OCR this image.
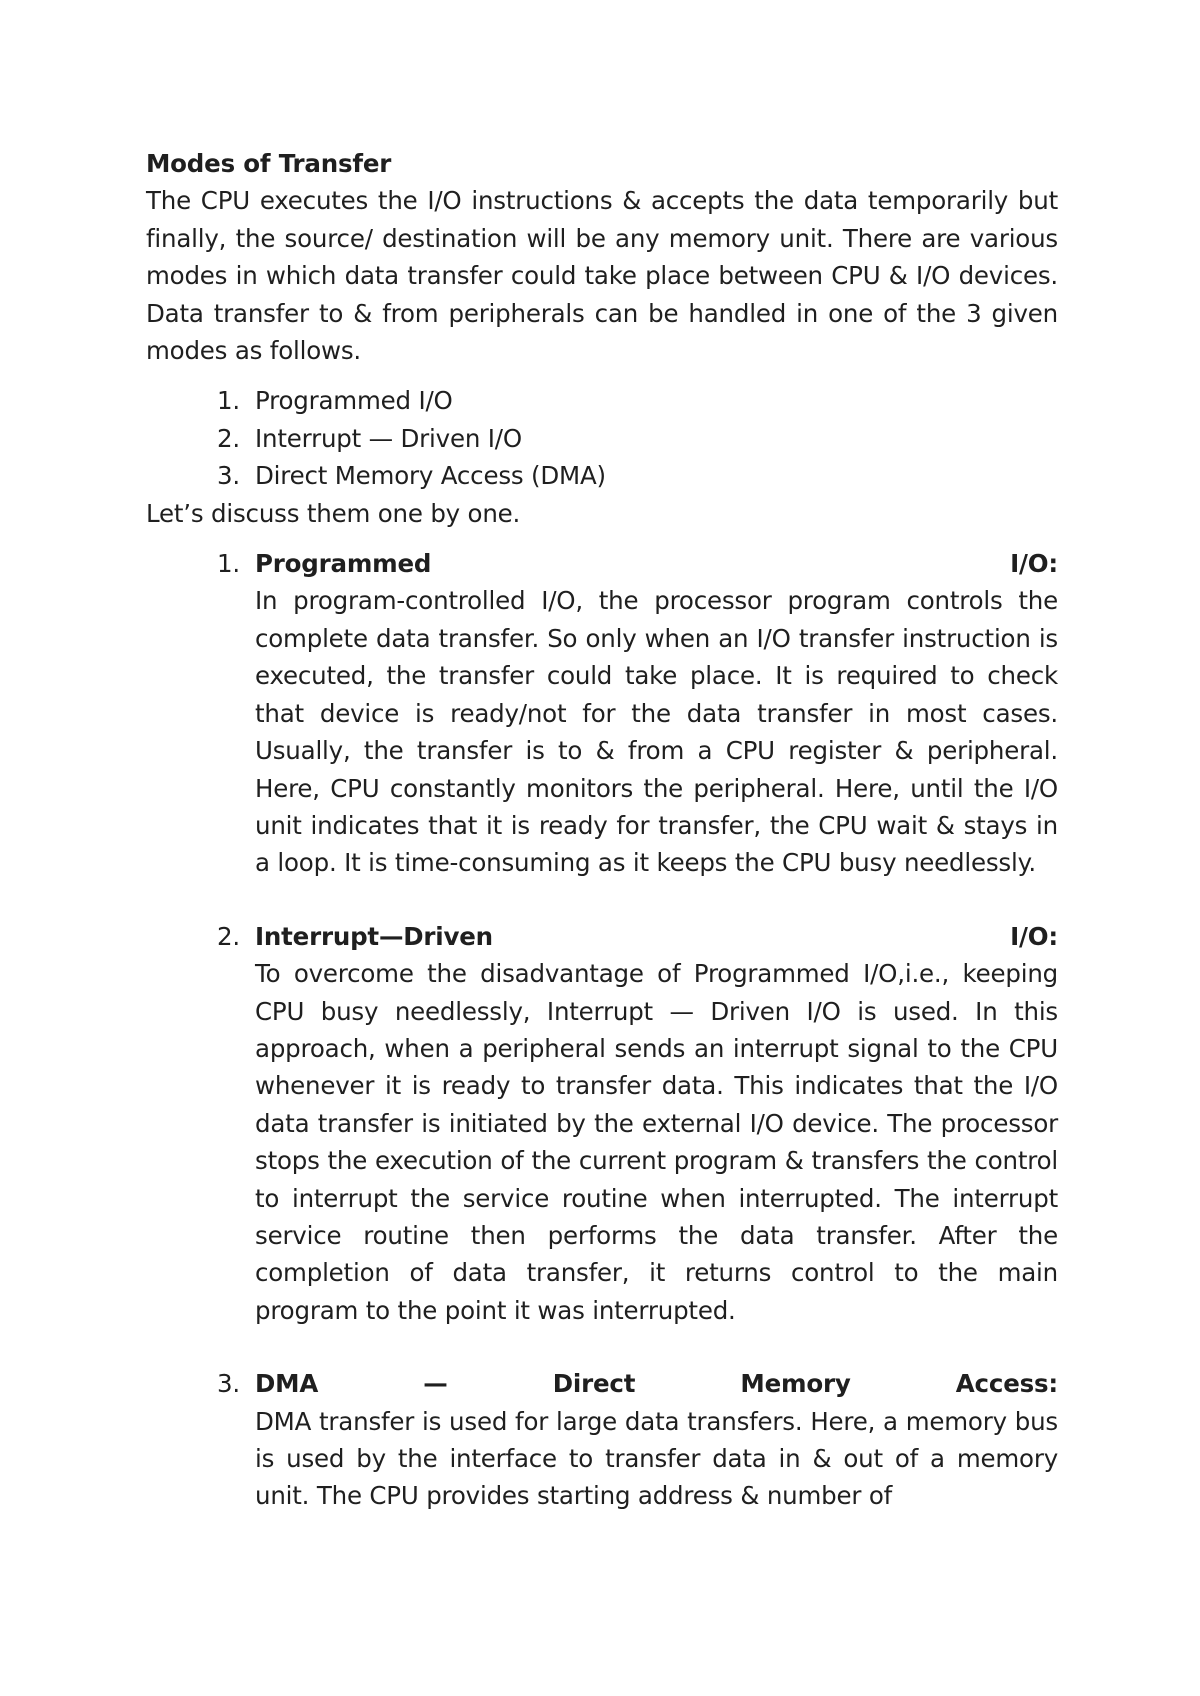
Modes of Transfer

The CPU executes the I/O instructions & accepts the data temporarily but finally, the source/ destination will be any memory unit. There are various modes in which data transfer could take place between CPU & I/O devices. Data transfer to & from peripherals can be handled in one of the 3 given modes as follows.

1. Programmed I/O
2. Interrupt — Driven I/O
3. Direct Memory Access (DMA)

Let’s discuss them one by one.

1. Programmed	I/O:

In program-controlled I/O, the processor program controls the complete data transfer. So only when an I/O transfer instruction is executed, the transfer could take place. It is required to check that device is ready/not for the data transfer in most cases. Usually, the transfer is to & from a CPU register & peripheral. Here, CPU constantly monitors the peripheral. Here, until the I/O unit indicates that it is ready for transfer, the CPU wait & stays in a loop. It is time-consuming as it keeps the CPU busy needlessly.

2. Interrupt—Driven	I/O:

To overcome the disadvantage of Programmed I/O,i.e., keeping CPU busy needlessly, Interrupt — Driven I/O is used. In this approach, when a peripheral sends an interrupt signal to the CPU whenever it is ready to transfer data. This indicates that the I/O data transfer is initiated by the external I/O device. The processor stops the execution of the current program & transfers the control to interrupt the service routine when interrupted. The interrupt service routine then performs the data transfer. After the completion of data transfer, it returns control to the main program to the point it was interrupted.

3. DMA	—	Direct	Memory	Access:

DMA transfer is used for large data transfers. Here, a memory bus is used by the interface to transfer data in & out of a memory unit. The CPU provides starting address & number of
